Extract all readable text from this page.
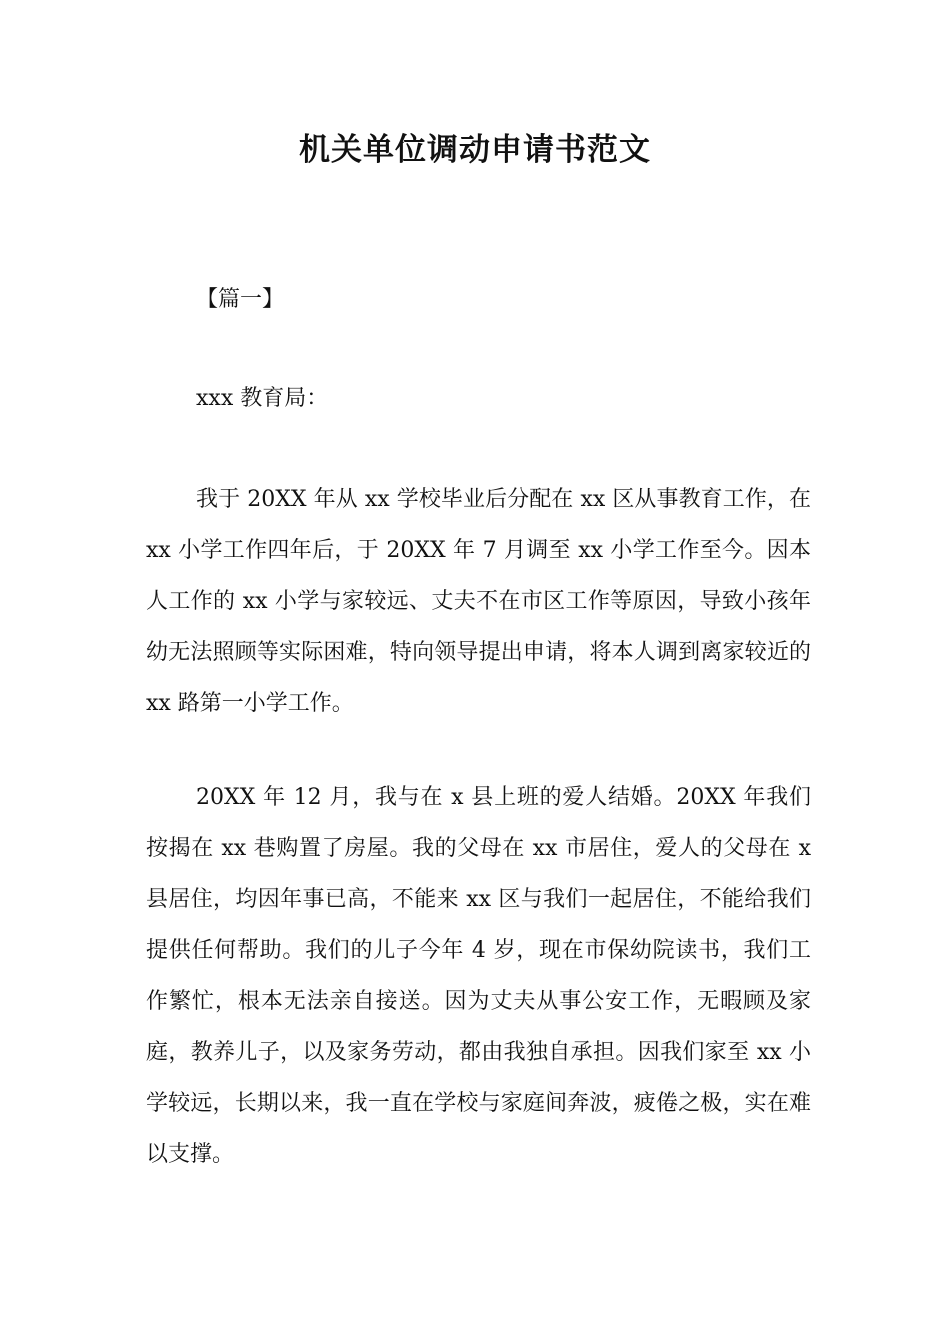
机关单位调动申请书范文
【篇一】
xxx 教育局：

我于 20XX 年从 xx 学校毕业后分配在 xx 区从事教育工作，在 xx 小学工作四年后，于 20XX 年 7 月调至 xx 小学工作至今。因本人工作的 xx 小学与家较远、丈夫不在市区工作等原因，导致小孩年幼无法照顾等实际困难，特向领导提出申请，将本人调到离家较近的 xx 路第一小学工作。

20XX 年 12 月，我与在 x 县上班的爱人结婚。20XX 年我们按揭在 xx 巷购置了房屋。我的父母在 xx 市居住，爱人的父母在 x 县居住，均因年事已高，不能来 xx 区与我们一起居住，不能给我们提供任何帮助。我们的儿子今年 4 岁，现在市保幼院读书，我们工作繁忙，根本无法亲自接送。因为丈夫从事公安工作，无暇顾及家庭，教养儿子，以及家务劳动，都由我独自承担。因我们家至 xx 小学较远，长期以来，我一直在学校与家庭间奔波，疲倦之极，实在难以支撑。
